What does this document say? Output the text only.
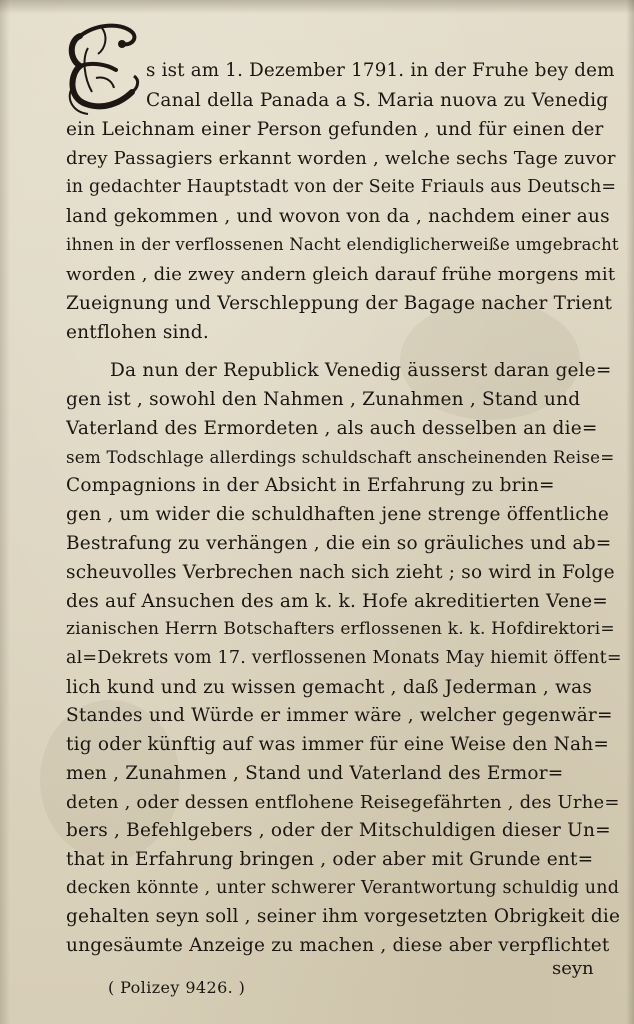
s ist am 1. Dezember 1791. in der Fruhe bey dem
Canal della Panada a S. Maria nuova zu Venedig
ein Leichnam einer Person gefunden , und für einen der
drey Passagiers erkannt worden , welche sechs Tage zuvor
in gedachter Hauptstadt von der Seite Friauls aus Deutsch=
land gekommen , und wovon von da , nachdem einer aus
ihnen in der verflossenen Nacht elendiglicherweiße umgebracht
worden , die zwey andern gleich darauf frühe morgens mit
Zueignung und Verschleppung der Bagage nacher Trient
entflohen sind.
Da nun der Republick Venedig äusserst daran gele=
gen ist , sowohl den Nahmen , Zunahmen , Stand und
Vaterland des Ermordeten , als auch desselben an die=
sem Todschlage allerdings schuldschaft anscheinenden Reise=
Compagnions in der Absicht in Erfahrung zu brin=
gen , um wider die schuldhaften jene strenge öffentliche
Bestrafung zu verhängen , die ein so gräuliches und ab=
scheuvolles Verbrechen nach sich zieht ; so wird in Folge
des auf Ansuchen des am k. k. Hofe akreditierten Vene=
zianischen Herrn Botschafters erflossenen k. k. Hofdirektori=
al=Dekrets vom 17. verflossenen Monats May hiemit öffent=
lich kund und zu wissen gemacht , daß Jederman , was
Standes und Würde er immer wäre , welcher gegenwär=
tig oder künftig auf was immer für eine Weise den Nah=
men , Zunahmen , Stand und Vaterland des Ermor=
deten , oder dessen entflohene Reisegefährten , des Urhe=
bers , Befehlgebers , oder der Mitschuldigen dieser Un=
that in Erfahrung bringen , oder aber mit Grunde ent=
decken könnte , unter schwerer Verantwortung schuldig und
gehalten seyn soll , seiner ihm vorgesetzten Obrigkeit die
ungesäumte Anzeige zu machen , diese aber verpflichtet
seyn
( Polizey 9426. )
